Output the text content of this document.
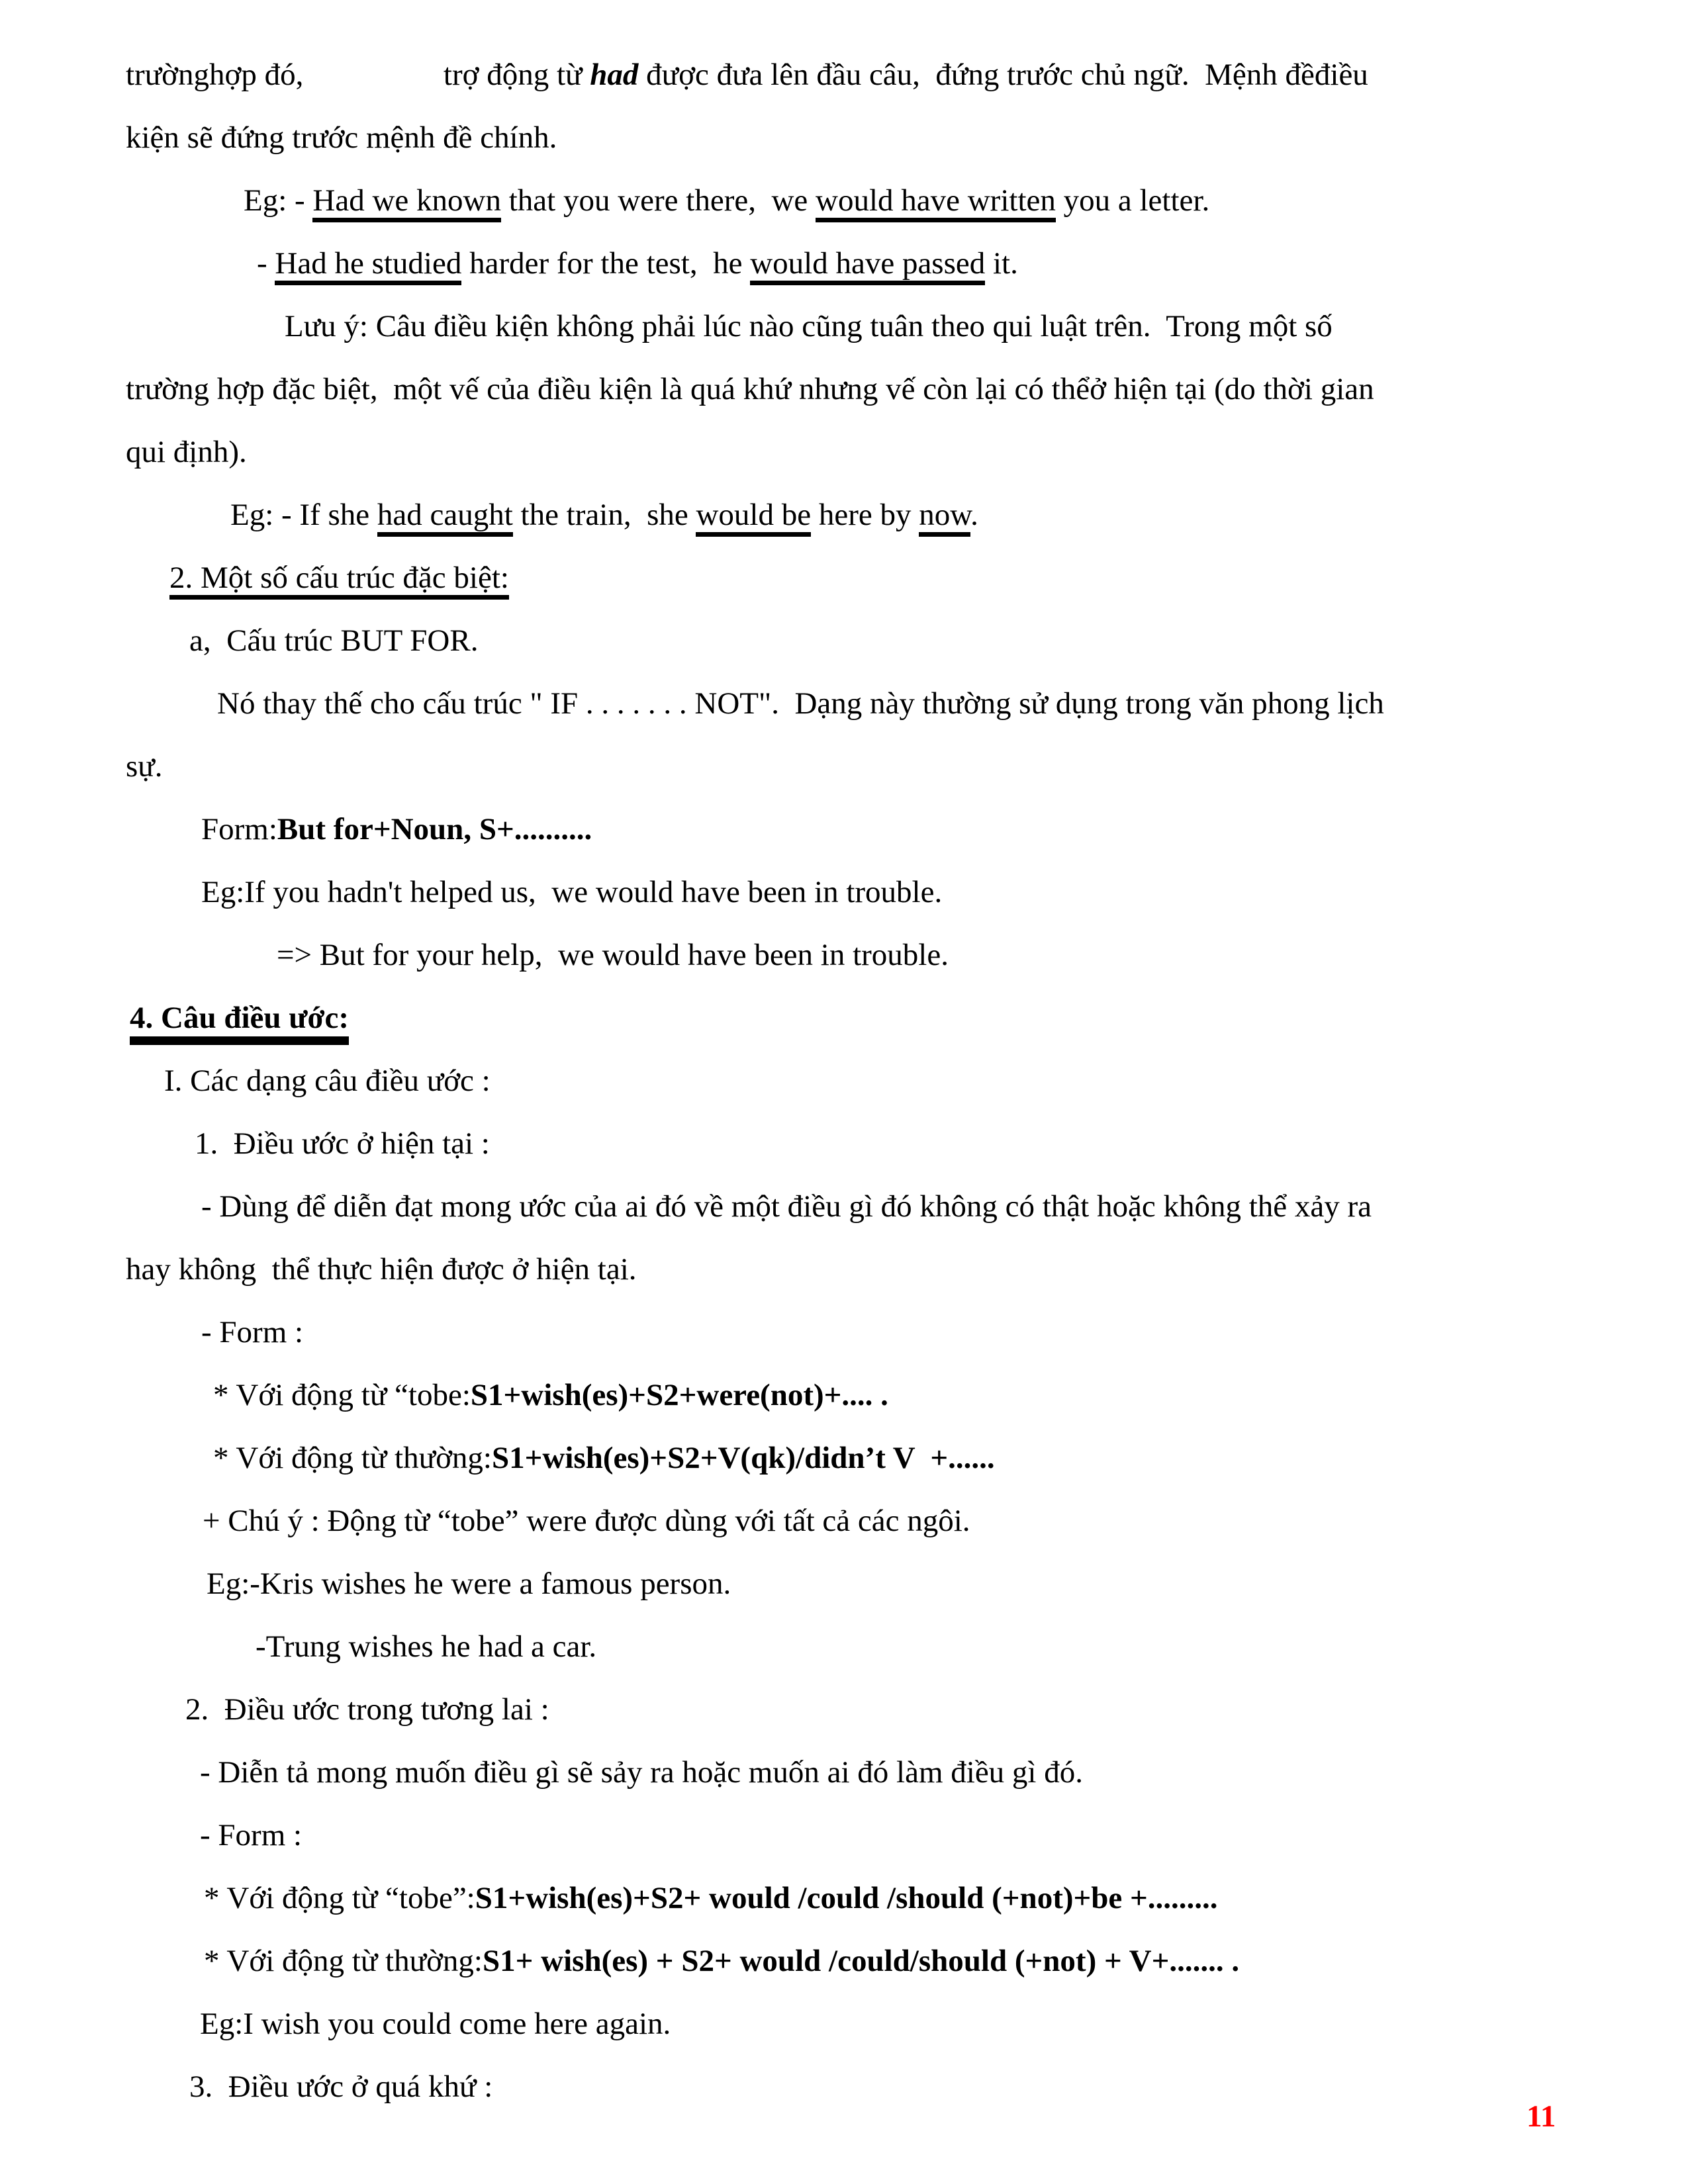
trườnghợp đó,                  trợ động từ had được đưa lên đầu câu,  đứng trước chủ ngữ.  Mệnh đềđiều
kiện sẽ đứng trước mệnh đề chính.
Eg: - Had we known that you were there,  we would have written you a letter.
- Had he studied harder for the test,  he would have passed it.
Lưu ý: Câu điều kiện không phải lúc nào cũng tuân theo qui luật trên.  Trong một số
trường hợp đặc biệt,  một vế của điều kiện là quá khứ nhưng vế còn lại có thểở hiện tại (do thời gian
qui định).
Eg: - If she had caught the train,  she would be here by now.
2. Một số cấu trúc đặc biệt:
a,  Cấu trúc BUT FOR.
Nó thay thế cho cấu trúc " IF . . . . . . . NOT".  Dạng này thường sử dụng trong văn phong lịch
sự.
Form:But for+Noun, S+..........
Eg:If you hadn't helped us,  we would have been in trouble.
=> But for your help,  we would have been in trouble.
4. Câu điều ước:
I. Các dạng câu điều ước :
1.  Điều ước ở hiện tại :
- Dùng để diễn đạt mong ước của ai đó về một điều gì đó không có thật hoặc không thể xảy ra
hay không  thể thực hiện được ở hiện tại.
- Form :
* Với động từ “tobe:S1+wish(es)+S2+were(not)+.... .
* Với động từ thường:S1+wish(es)+S2+V(qk)/didn’t V  +......
+ Chú ý : Động từ “tobe” were được dùng với tất cả các ngôi.
Eg:-Kris wishes he were a famous person.
-Trung wishes he had a car.
2.  Điều ước trong tương lai :
- Diễn tả mong muốn điều gì sẽ sảy ra hoặc muốn ai đó làm điều gì đó.
- Form :
* Với động từ “tobe”:S1+wish(es)+S2+ would /could /should (+not)+be +.........
* Với động từ thường:S1+ wish(es) + S2+ would /could/should (+not) + V+....... .
Eg:I wish you could come here again.
3.  Điều ước ở quá khứ :
11
